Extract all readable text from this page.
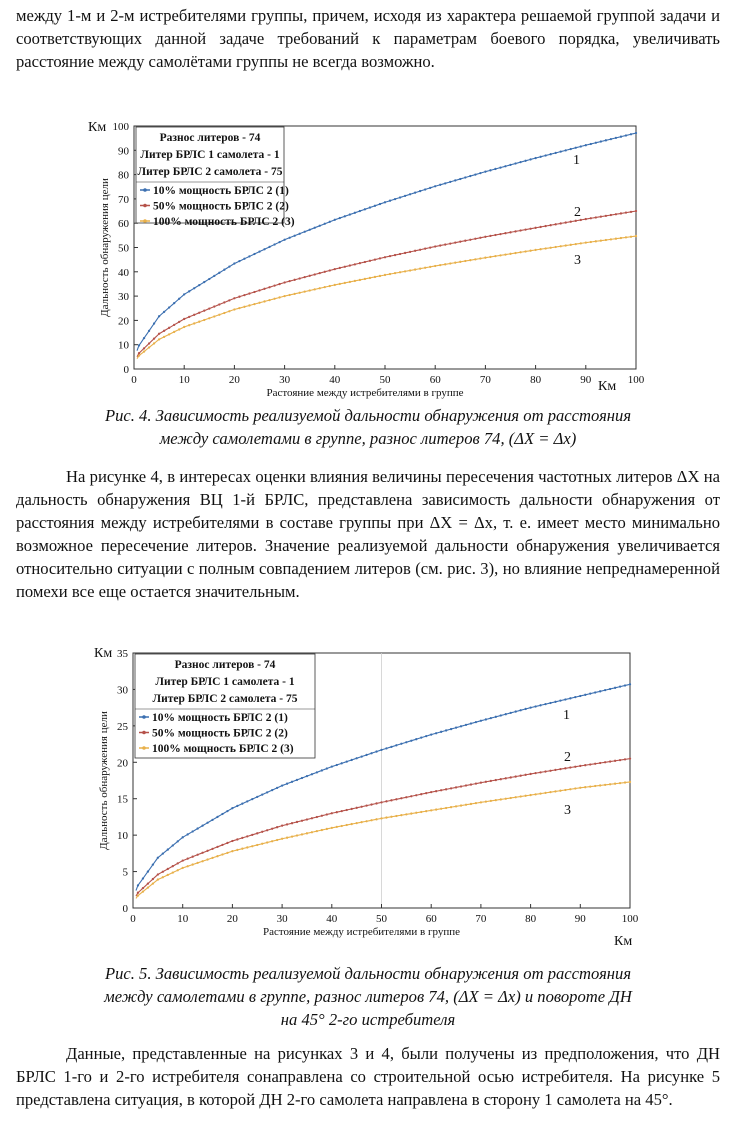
между 1-м и 2-м истребителями группы, причем, исходя из характера решаемой группой задачи и соответствующих данной задаче требований к параметрам боевого порядка, увеличивать расстояние между самолётами группы не всегда возможно.

0	10	20	30	40	50	60	70	80	90	100
0
10
20
30
40
50
60
70
80
90
100
Км
Км
Растояние между истребителями в группе
Дальность обнаружения цели
1
2
3
Разнос литеров - 74
Литер БРЛС 1 самолета - 1
Литер БРЛС 2 самолета - 75
10% мощность БРЛС 2 (1)
50% мощность БРЛС 2 (2)
100% мощность БРЛС 2 (3)

Рис. 4. Зависимость реализуемой дальности обнаружения от расстояния

между самолетами в группе, разнос литеров 74, (ΔX = Δx)

На рисунке 4, в интересах оценки влияния величины пересечения частотных литеров ΔX на дальность обнаружения ВЦ 1-й БРЛС, представлена зависимость дальности обнаружения от расстояния между истребителями в составе группы при ΔX = Δx, т. е. имеет место минимально возможное пересечение литеров. Значение реализуемой дальности обнаружения увеличивается относительно ситуации с полным совпадением литеров (см. рис. 3), но влияние непреднамеренной помехи все еще остается значительным.

0	10	20	30	40	50	60	70	80	90	100
0
5
10
15
20
25
30
35
Км
Км
Растояние между истребителями в группе
Дальность обнаружения цели	1
2
3
Разнос литеров - 74
Литер БРЛС 1 самолета - 1
Литер БРЛС 2 самолета - 75
10% мощность БРЛС 2 (1)
50% мощность БРЛС 2 (2)
100% мощность БРЛС 2 (3)

Рис. 5. Зависимость реализуемой дальности обнаружения от расстояния

между самолетами в группе, разнос литеров 74, (ΔX = Δx) и повороте ДН

на 45° 2-го истребителя

Данные, представленные на рисунках 3 и 4, были получены из предположения, что ДН БРЛС 1-го и 2-го истребителя сонаправлена со строительной осью истребителя. На рисунке 5 представлена ситуация, в которой ДН 2-го самолета направлена в сторону 1 самолета на 45°.
